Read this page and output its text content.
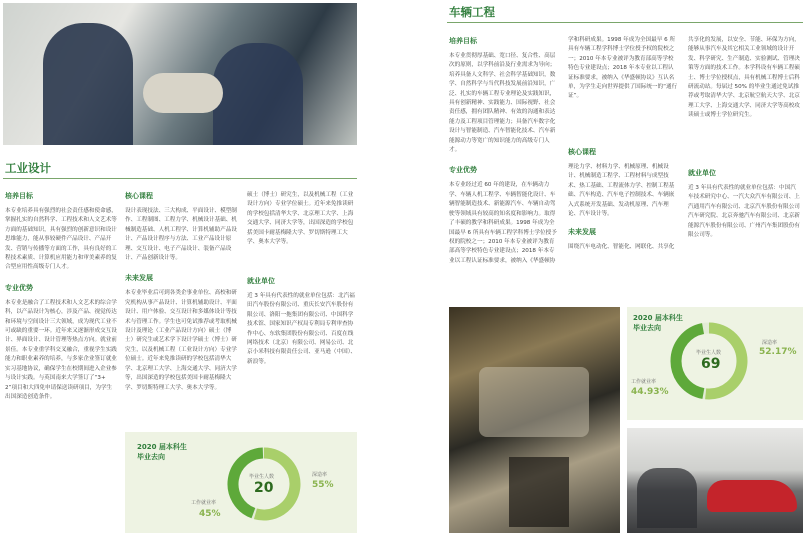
工业设计
培养目标

本专业培养具有强烈的社会责任感和使命感，掌握扎实的自然科学、工程技术和人文艺术等方面的基础知识，具有强烈的创新意识和设计思维能力，能从事较硬件产品设计、产品开发、营销与传播等方面的工作，具有良好的工程技术素质、计算机应用能力和审美素养的复合型应用性高级专门人才。

专业优势

本专业是融合了工程技术和人文艺术的综合学科，以产品设计为核心，涉及产品、视觉传达和环境与空间设计三大领域，成为现代工业不可或缺的重要一环。近年来又逐渐形成交互设计、界面设计、设计管理等热点方向。就业前景佳。本专业重学科交叉融合，重视学生实践能力和职业素养的培养，与多家企业签订就业实习基地协议，确保学生在校期间进入企业参与设计实践。与英国南来大学签订了“3+2”项目和大四免申请保送读研项目，为学生出国深造创造条件。

核心课程

设计表现技法、三大构成、平面设计、模型制作、工程制图、工程力学、机械设计基础、机械制造基础、人机工程学、计算机辅助产品设计、产品设计程序与方法、工业产品设计原理、交互设计、电子产品设计、装备产品设计、产品创新设计等。

未来发展

本专业毕业后可到各类企事业单位、高校和研究机构从事产品设计、计算机辅助设计、平面设计、用户体验、交互设计和多媒体设计等技术与管理工作。学生也可免试推荐或考取机械设计及理论（工业产品设计方向）硕士（博士）研究生或艺术学下设计学硕士（博士）研究生，以及机械工程（工业设计方向）专业学位硕士。近年来免推读研的学校包括清华大学、北京理工大学、上海交通大学、同济大学等，出国深造的学校包括美国卡耐基梅隆大学、罗切斯特理工大学、奥本大学等。

硕士（博士）研究生，以及机械工程（工业设计方向）专业学位硕士。近年来免推读研的学校包括清华大学、北京理工大学、上海交通大学、同济大学等，出国深造的学校包括美国卡耐基梅隆大学、罗切斯特理工大学、奥本大学等。

就业单位

近 3 年具有代表性的就业单位包括：北汽福田汽车股份有限公司、重庆长安汽车股份有限公司、洛阳一拖集团有限公司、中国科学技术馆、国家知识产权局专利局专利审查协作中心、东软集团股份有限公司、百度在线网络技术（北京）有限公司、网易公司、北京小米科技有限责任公司、亚马逊（中国）、新浪等。

2020 届本科生
毕业去向
毕业生人数
20
深造率
55%
工作就业率
45%
车辆工程
培养目标

本专业贯彻厚基础、宽口径、复合性、高层次的原则，以学科前沿及行业需求为导向；培养具备人文科学、社会科学基础知识，数学、自然科学与当代科技发展前沿知识，广泛、扎实的车辆工程专业理论及实践知识，具有创新精神、实践能力、国际视野、社会责任感，拥有团队精神、有效的沟通和表达能力及工程项目管理能力；具备汽车数字化设计与智能制造、汽车智能化技术、汽车新能源动力等宽广的知识能力的高级专门人才。

专业优势

本专业经过近 60 年的建设，在车辆动力学、车辆人机工程学、车辆智能化设计、车辆智能制造技术、新能源汽车、车辆自动驾驶等领域具有较高的知名度和影响力。取得了丰硕的教学和科研成果。1998 年成为全国最早 6 所具有车辆工程学科博士学位授予权的院校之一；2010 年本专业被评为教育部高等学校特色专业建设点；2018 年本专业以工程认证标准要求，被纳入《华盛顿协

学和科研成果。1998 年成为全国最早 6 所具有车辆工程学科博士学位授予权的院校之一；2010 年本专业被评为教育部高等学校特色专业建设点；2018 年本专业以工程认证标准要求，被纳入《华盛顿协议》互认名单，为学生走向世界提供了国际统一的“通行证”。

核心课程

理论力学、材料力学、机械原理、机械设计、机械制造工程学、工程材料与成型技术、热工基础、工程流体力学、控制工程基础、汽车构造、汽车电子控制技术、车辆嵌入式系统开发基础、发动机原理、汽车理论、汽车设计等。

未来发展

围绕汽车电动化、智能化、网联化、共享化

共享化的发展，以安全、节能、环保为方向，能够从事汽车及其它相关工业领域的设计开发、科学研究、生产制造、实验测试、管理决策等方面的技术工作。本学科设有车辆工程硕士、博士学位授权点，具有机械工程博士后科研流动站。每届过 50% 的毕业生通过免试推荐或考取清华大学、北京航空航天大学、北京理工大学、上海交通大学、同济大学等高校攻读硕士或博士学位研究生。

就业单位

近 3 年具有代表性的就业单位包括：中国汽车技术研究中心、一汽大众汽车有限公司、上汽通用汽车有限公司、北京汽车股份有限公司汽车研究院、北京奔驰汽车有限公司、北京新能源汽车股份有限公司、广州汽车集团股份有限公司等。

2020 届本科生
毕业去向
毕业生人数
69
深造率
52.17%
工作就业率
44.93%
